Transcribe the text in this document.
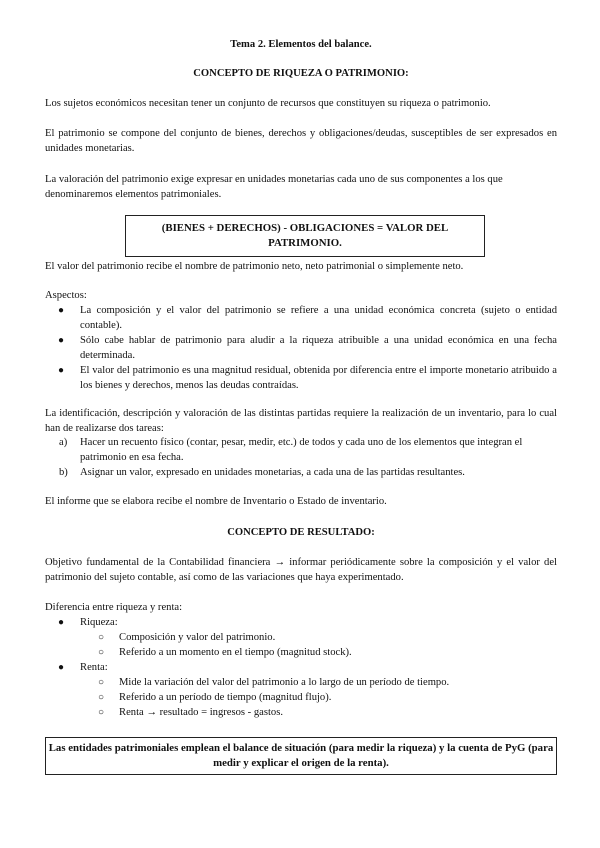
Tema 2. Elementos del balance.
CONCEPTO DE RIQUEZA O PATRIMONIO:
Los sujetos económicos necesitan tener un conjunto de recursos que constituyen su riqueza o patrimonio.
El patrimonio se compone del conjunto de bienes, derechos y obligaciones/deudas, susceptibles de ser expresados en unidades monetarias.
La valoración del patrimonio exige expresar en unidades monetarias cada uno de sus componentes a los que denominaremos elementos patrimoniales.
(BIENES + DERECHOS) - OBLIGACIONES = VALOR DEL PATRIMONIO.
El valor del patrimonio recibe el nombre de patrimonio neto, neto patrimonial o simplemente neto.
Aspectos:
● La composición y el valor del patrimonio se refiere a una unidad económica concreta (sujeto o entidad contable).
● Sólo cabe hablar de patrimonio para aludir a la riqueza atribuible a una unidad económica en una fecha determinada.
● El valor del patrimonio es una magnitud residual, obtenida por diferencia entre el importe monetario atribuido a los bienes y derechos, menos las deudas contraídas.
La identificación, descripción y valoración de las distintas partidas requiere la realización de un inventario, para lo cual han de realizarse dos tareas:
a) Hacer un recuento físico (contar, pesar, medir, etc.) de todos y cada uno de los elementos que integran el patrimonio en esa fecha.
b) Asignar un valor, expresado en unidades monetarias, a cada una de las partidas resultantes.
El informe que se elabora recibe el nombre de Inventario o Estado de inventario.
CONCEPTO DE RESULTADO:
Objetivo fundamental de la Contabilidad financiera → informar periódicamente sobre la composición y el valor del patrimonio del sujeto contable, así como de las variaciones que haya experimentado.
Diferencia entre riqueza y renta:
● Riqueza:
○ Composición y valor del patrimonio.
○ Referido a un momento en el tiempo (magnitud stock).
● Renta:
○ Mide la variación del valor del patrimonio a lo largo de un período de tiempo.
○ Referido a un período de tiempo (magnitud flujo).
○ Renta → resultado = ingresos - gastos.
Las entidades patrimoniales emplean el balance de situación (para medir la riqueza) y la cuenta de PyG (para medir y explicar el origen de la renta).
